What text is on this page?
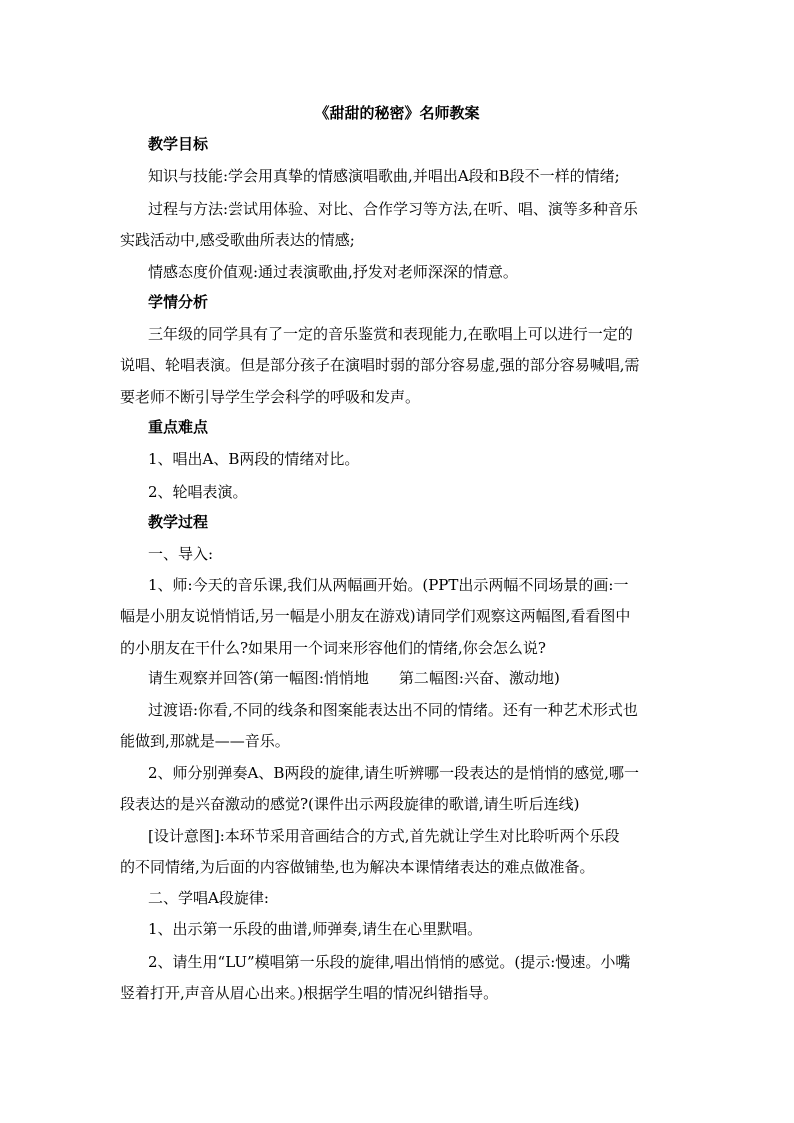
《甜甜的秘密》名师教案
教学目标
知识与技能:学会用真挚的情感演唱歌曲,并唱出A段和B段不一样的情绪;
过程与方法:尝试用体验、对比、合作学习等方法,在听、唱、演等多种音乐
实践活动中,感受歌曲所表达的情感;
情感态度价值观:通过表演歌曲,抒发对老师深深的情意。
学情分析
三年级的同学具有了一定的音乐鉴赏和表现能力,在歌唱上可以进行一定的
说唱、轮唱表演。但是部分孩子在演唱时弱的部分容易虚,强的部分容易喊唱,需
要老师不断引导学生学会科学的呼吸和发声。
重点难点
1、唱出A、B两段的情绪对比。
2、轮唱表演。
教学过程
一、导入:
1、师:今天的音乐课,我们从两幅画开始。(PPT出示两幅不同场景的画:一
幅是小朋友说悄悄话,另一幅是小朋友在游戏)请同学们观察这两幅图,看看图中
的小朋友在干什么?如果用一个词来形容他们的情绪,你会怎么说?
请生观察并回答(第一幅图:悄悄地　　第二幅图:兴奋、激动地)
过渡语:你看,不同的线条和图案能表达出不同的情绪。还有一种艺术形式也
能做到,那就是——音乐。
2、师分别弹奏A、B两段的旋律,请生听辨哪一段表达的是悄悄的感觉,哪一
段表达的是兴奋激动的感觉?(课件出示两段旋律的歌谱,请生听后连线)
[设计意图]:本环节采用音画结合的方式,首先就让学生对比聆听两个乐段
的不同情绪,为后面的内容做铺垫,也为解决本课情绪表达的难点做准备。
二、学唱A段旋律:
1、出示第一乐段的曲谱,师弹奏,请生在心里默唱。
2、请生用“LU”模唱第一乐段的旋律,唱出悄悄的感觉。(提示:慢速。小嘴
竖着打开,声音从眉心出来。)根据学生唱的情况纠错指导。
